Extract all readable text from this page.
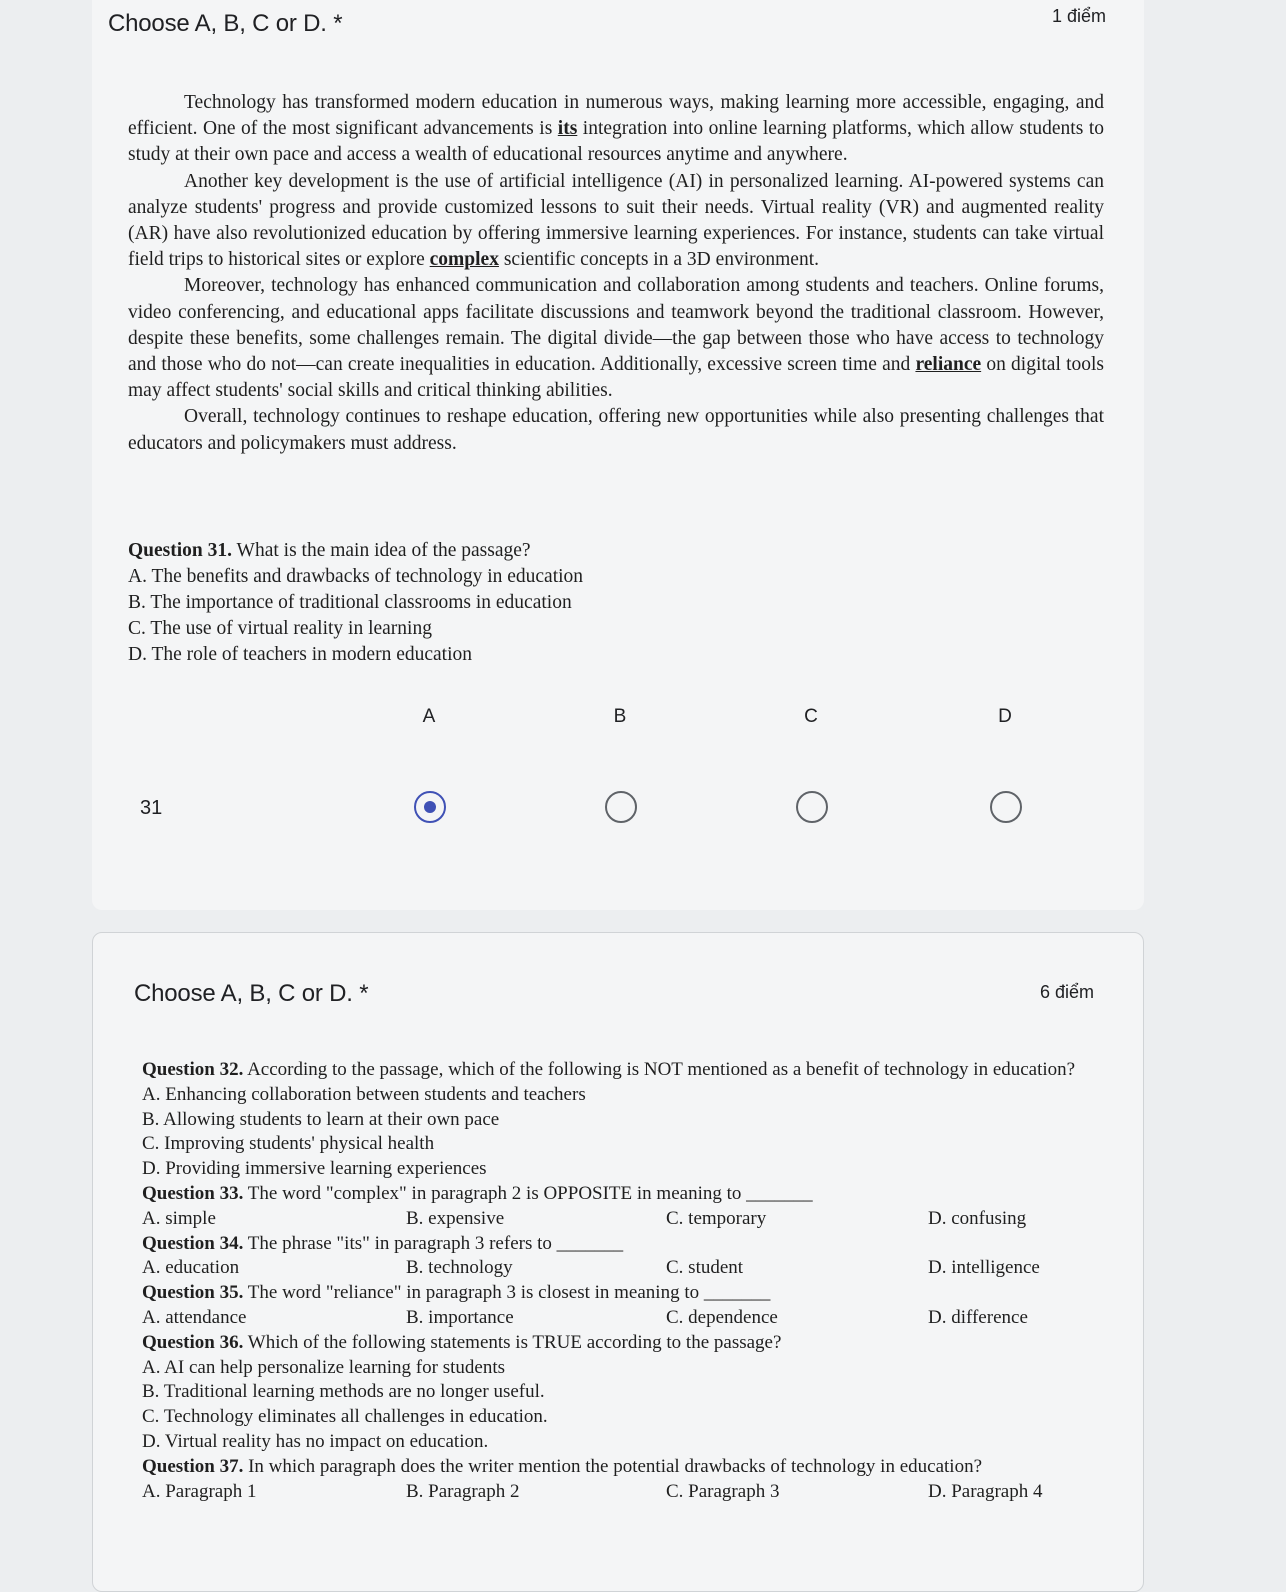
Choose A, B, C or D. *	1 điểm

Technology has transformed modern education in numerous ways, making learning more accessible, engaging, and efficient. One of the most significant advancements is its integration into online learning platforms, which allow students to study at their own pace and access a wealth of educational resources anytime and anywhere.

Another key development is the use of artificial intelligence (AI) in personalized learning. AI-powered systems can analyze students' progress and provide customized lessons to suit their needs. Virtual reality (VR) and augmented reality (AR) have also revolutionized education by offering immersive learning experiences. For instance, students can take virtual field trips to historical sites or explore complex scientific concepts in a 3D environment.

Moreover, technology has enhanced communication and collaboration among students and teachers. Online forums, video conferencing, and educational apps facilitate discussions and teamwork beyond the traditional classroom. However, despite these benefits, some challenges remain. The digital divide—the gap between those who have access to technology and those who do not—can create inequalities in education. Additionally, excessive screen time and reliance on digital tools may affect students' social skills and critical thinking abilities.

Overall, technology continues to reshape education, offering new opportunities while also presenting challenges that educators and policymakers must address.

Question 31. What is the main idea of the passage?
A. The benefits and drawbacks of technology in education
B. The importance of traditional classrooms in education
C. The use of virtual reality in learning
D. The role of teachers in modern education
A	B	C	D
31
Choose A, B, C or D. *	6 điểm
Question 32. According to the passage, which of the following is NOT mentioned as a benefit of technology in education?
A. Enhancing collaboration between students and teachers
B. Allowing students to learn at their own pace
C. Improving students' physical health
D. Providing immersive learning experiences
Question 33. The word "complex" in paragraph 2 is OPPOSITE in meaning to _______
A. simple	B. expensive	C. temporary	D. confusing
Question 34. The phrase "its" in paragraph 3 refers to _______
A. education	B. technology	C. student	D. intelligence
Question 35. The word "reliance" in paragraph 3 is closest in meaning to _______
A. attendance	B. importance	C. dependence	D. difference
Question 36. Which of the following statements is TRUE according to the passage?
A. AI can help personalize learning for students
B. Traditional learning methods are no longer useful.
C. Technology eliminates all challenges in education.
D. Virtual reality has no impact on education.
Question 37. In which paragraph does the writer mention the potential drawbacks of technology in education?
A. Paragraph 1	B. Paragraph 2	C. Paragraph 3	D. Paragraph 4
